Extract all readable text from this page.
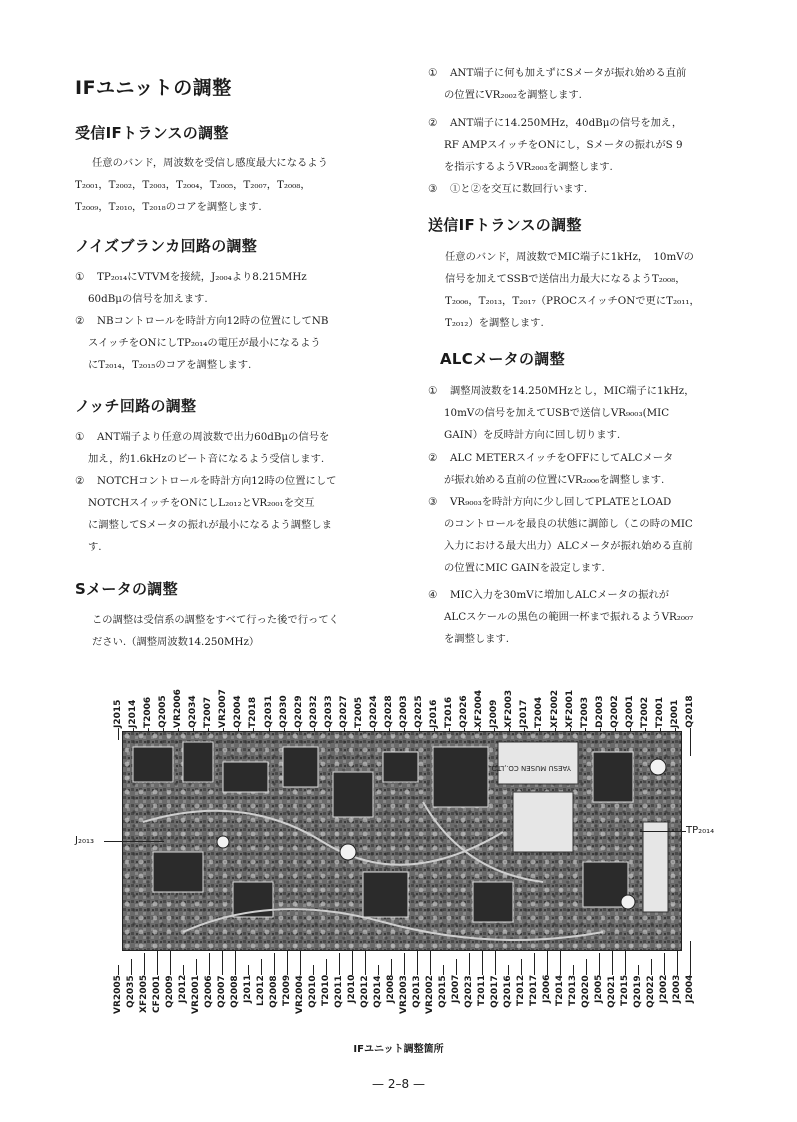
IFユニットの調整
受信IFトランスの調整
任意のバンド，周波数を受信し感度最大になるよう
T₂₀₀₁，T₂₀₀₂，T₂₀₀₃，T₂₀₀₄，T₂₀₀₅，T₂₀₀₇，T₂₀₀₈，
T₂₀₀₉，T₂₀₁₀，T₂₀₁₈のコアを調整します.
ノイズブランカ回路の調整
① TP₂₀₁₄にVTVMを接続，J₂₀₀₄より8.215MHz
60dBμの信号を加えます.
② NBコントロールを時計方向12時の位置にしてNB
スイッチをONにしTP₂₀₁₄の電圧が最小になるよう
にT₂₀₁₄，T₂₀₁₅のコアを調整します.
ノッチ回路の調整
① ANT端子より任意の周波数で出力60dBμの信号を
加え，約1.6kHzのビート音になるよう受信します.
② NOTCHコントロールを時計方向12時の位置にして
NOTCHスイッチをONにしL₂₀₁₂とVR₂₀₀₁を交互
に調整してSメータの振れが最小になるよう調整しま
す.
Sメータの調整
この調整は受信系の調整をすべて行った後で行ってく
ださい.（調整周波数14.250MHz）
① ANT端子に何も加えずにSメータが振れ始める直前
の位置にVR₂₀₀₂を調整します.
② ANT端子に14.250MHz，40dBμの信号を加え，
RF AMPスイッチをONにし，Sメータの振れがS 9
を指示するようVR₂₀₀₃を調整します.
③ ①と②を交互に数回行います.
送信IFトランスの調整
任意のバンド，周波数でMIC端子に1kHz，　10mVの
信号を加えてSSBで送信出力最大になるようT₂₀₀₈，
T₂₀₀₆，T₂₀₁₃，T₂₀₁₇（PROCスイッチONで更にT₂₀₁₁，
T₂₀₁₂）を調整します.
ALCメータの調整
① 調整周波数を14.250MHzとし，MIC端子に1kHz，
10mVの信号を加えてUSBで送信しVR₉₀₀₃(MIC
GAIN）を反時計方向に回し切ります.
② ALC METERスイッチをOFFにしてALCメータ
が振れ始める直前の位置にVR₂₀₀₆を調整します.
③ VR₉₀₀₃を時計方向に少し回してPLATEとLOAD
のコントロールを最良の状態に調節し（この時のMIC
入力における最大出力）ALCメータが振れ始める直前
の位置にMIC GAINを設定します.
④ MIC入力を30mVに増加しALCメータの振れが
ALCスケールの黒色の範囲一杯まで振れるようVR₂₀₀₇
を調整します.
J2015 J2014 T2006 Q2005 VR2006 Q2034 T2007 VR2007 Q2004 T2018 Q2031 Q2030 Q2029 Q2032 Q2033 Q2027 T2005 Q2024 Q2028 Q2003 Q2025 J2016 T2016 Q2026 XF2004 J2009 XF2003 J2017 T2004 XF2002 XF2001 T2003 D2003 Q2002 Q2001 T2002 T2001 J2001 Q2018
VR2005 Q2035 XF2005 CF2001 Q2009 J2012 VR2001 Q2006 Q2007 Q2008 J2011 L2012 Q2008 T2009 VR2004 Q2010 T2010 Q2011 J2010 Q2012 Q2014 J2008 VR2003 Q2013 VR2002 Q2015 J2007 Q2023 T2011 Q2017 Q2016 T2012 T2017 J2006 T2014 T2013 Q2020 J2005 Q2021 T2015 Q2019 Q2022 J2002 J2003 J2004
YAESU MUSEN CO.,LTD.
J₂₀₁₃
TP₂₀₁₄
IFユニット調整箇所
— 2–8 —
